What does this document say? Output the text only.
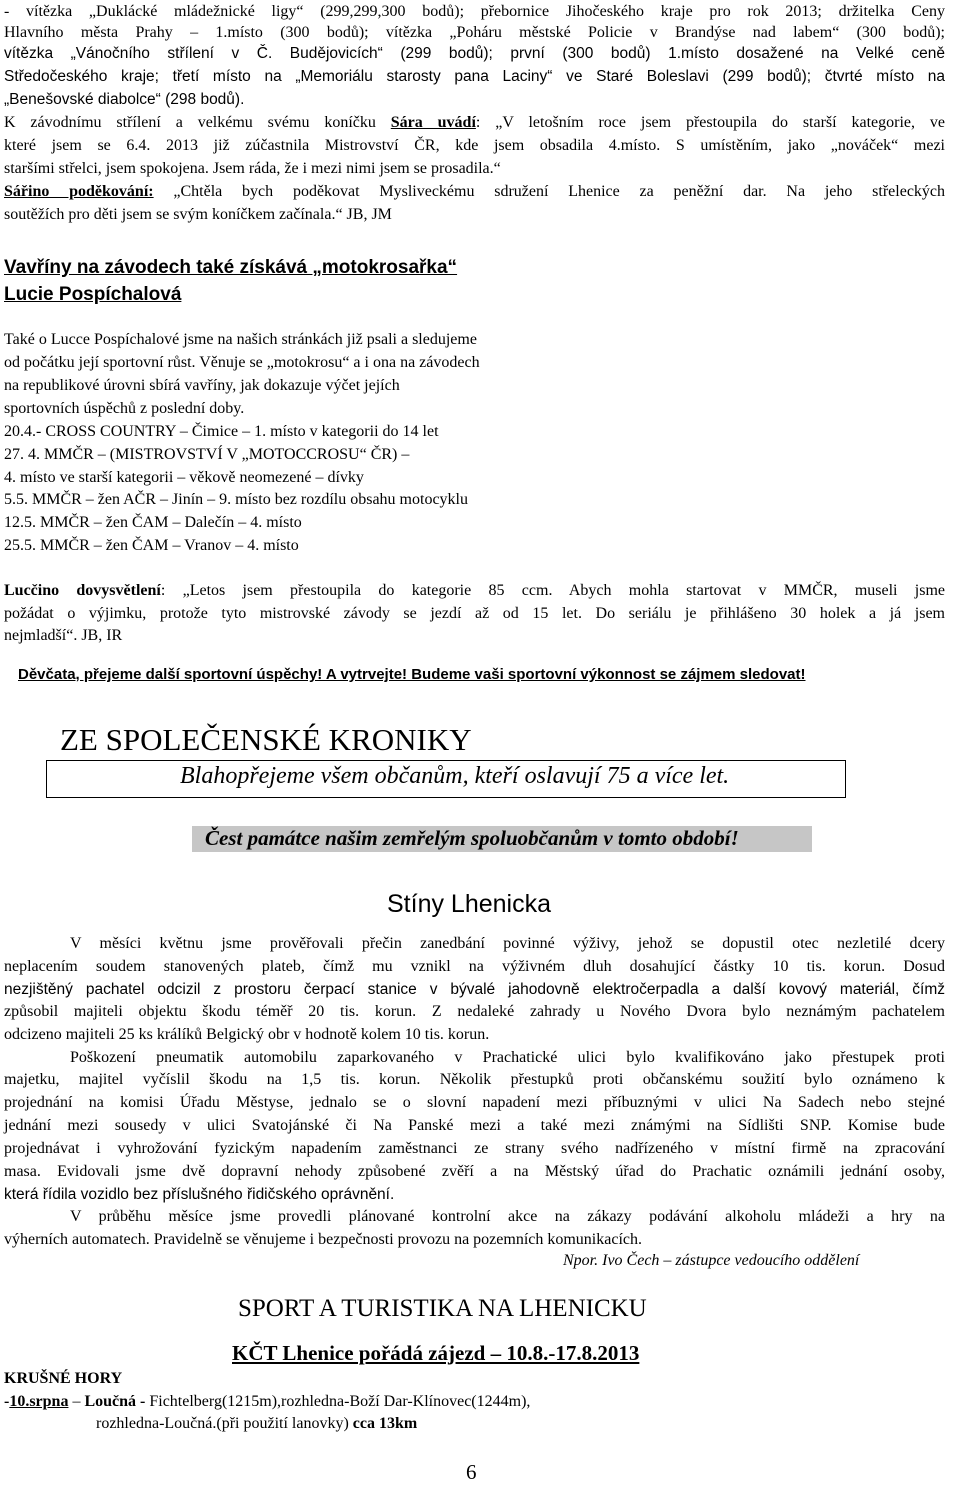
- vítězka „Duklácké mládežnické ligy“ (299,299,300 bodů); přebornice Jihočeského kraje pro rok 2013; držitelka Ceny
Hlavního města Prahy – 1.místo (300 bodů); vítězka „Poháru městské Policie v Brandýse nad labem“ (300 bodů);
vítězka „Vánočního střílení v Č. Budějovicích“ (299 bodů); první (300 bodů) 1.místo dosažené na Velké ceně
Středočeského kraje; třetí místo na „Memoriálu starosty pana Laciny“ ve Staré Boleslavi (299 bodů); čtvrté místo na
„Benešovské diabolce“ (298 bodů).
K závodnímu střílení a velkému svému koníčku Sára uvádí: „V letošním roce jsem přestoupila do starší kategorie, ve
které jsem se 6.4. 2013 již zúčastnila Mistrovství ČR, kde jsem obsadila 4.místo. S umístěním, jako „nováček“ mezi
staršími střelci, jsem spokojena. Jsem ráda, že i mezi nimi jsem se prosadila.“
Sářino poděkování: „Chtěla bych poděkovat Mysliveckému sdružení Lhenice za peněžní dar. Na jeho střeleckých
soutěžích pro děti jsem se svým koníčkem začínala.“ JB, JM
Vavříny na závodech také získává „motokrosařka“
Lucie Pospíchalová
Také o Lucce Pospíchalové jsme na našich stránkách již psali a sledujeme
od počátku její sportovní růst. Věnuje se „motokrosu“ a i ona na závodech
na republikové úrovni sbírá vavříny, jak dokazuje výčet jejích
sportovních úspěchů z poslední doby.
20.4.- CROSS COUNTRY – Čimice – 1. místo v kategorii do 14 let
27. 4. MMČR – (MISTROVSTVÍ V „MOTOCCROSU“ ČR) –
4. místo ve starší kategorii – věkově neomezené – dívky
5.5. MMČR – žen AČR – Jinín – 9. místo bez rozdílu obsahu motocyklu
12.5. MMČR – žen ČAM – Dalečín – 4. místo
25.5. MMČR – žen ČAM – Vranov – 4. místo
Lucčino dovysvětlení: „Letos jsem přestoupila do kategorie 85 ccm. Abych mohla startovat v MMČR, museli jsme
požádat o výjimku, protože tyto mistrovské závody se jezdí až od 15 let. Do seriálu je přihlášeno 30 holek a já jsem
nejmladší“. JB, IR
Děvčata, přejeme další sportovní úspěchy! A vytrvejte! Budeme vaši sportovní výkonnost se zájmem sledovat!
ZE SPOLEČENSKÉ KRONIKY
Blahopřejeme všem občanům, kteří oslavují 75 a více let.
Čest památce našim zemřelým spoluobčanům v tomto období!
Stíny Lhenicka
V měsíci květnu jsme prověřovali přečin zanedbání povinné výživy, jehož se dopustil otec nezletilé dcery
neplacením soudem stanovených plateb, čímž mu vznikl na výživném dluh dosahující částky 10 tis. korun. Dosud
nezjištěný pachatel odcizil z prostoru čerpací stanice v bývalé jahodovně elektročerpadla a další kovový materiál, čímž
způsobil majiteli objektu škodu téměř 20 tis. korun. Z nedaleké zahrady u Nového Dvora bylo neznámým pachatelem
odcizeno majiteli 25 ks králíků Belgický obr v hodnotě kolem 10 tis. korun.
Poškození pneumatik automobilu zaparkovaného v Prachatické ulici bylo kvalifikováno jako přestupek proti
majetku, majitel vyčíslil škodu na 1,5 tis. korun. Několik přestupků proti občanskému soužití bylo oznámeno k
projednání na komisi Úřadu Městyse, jednalo se o slovní napadení mezi příbuznými v ulici Na Sadech nebo stejné
jednání mezi sousedy v ulici Svatojánské či Na Panské mezi a také mezi známými na Sídlišti SNP. Komise bude
projednávat i vyhrožování fyzickým napadením zaměstnanci ze strany svého nadřízeného v místní firmě na zpracování
masa. Evidovali jsme dvě dopravní nehody způsobené zvěří a na Městský úřad do Prachatic oznámili jednání osoby,
která řídila vozidlo bez příslušného řidičského oprávnění.
V průběhu měsíce jsme provedli plánované kontrolní akce na zákazy podávání alkoholu mládeži a hry na
výherních automatech. Pravidelně se věnujeme i bezpečnosti provozu na pozemních komunikacích.
Npor. Ivo Čech – zástupce vedoucího oddělení
SPORT A TURISTIKA NA LHENICKU
KČT Lhenice pořádá zájezd – 10.8.-17.8.2013
KRUŠNÉ HORY
-10.srpna – Loučná - Fichtelberg(1215m),rozhledna-Boží Dar-Klínovec(1244m),
rozhledna-Loučná.(při použití lanovky) cca 13km
6
